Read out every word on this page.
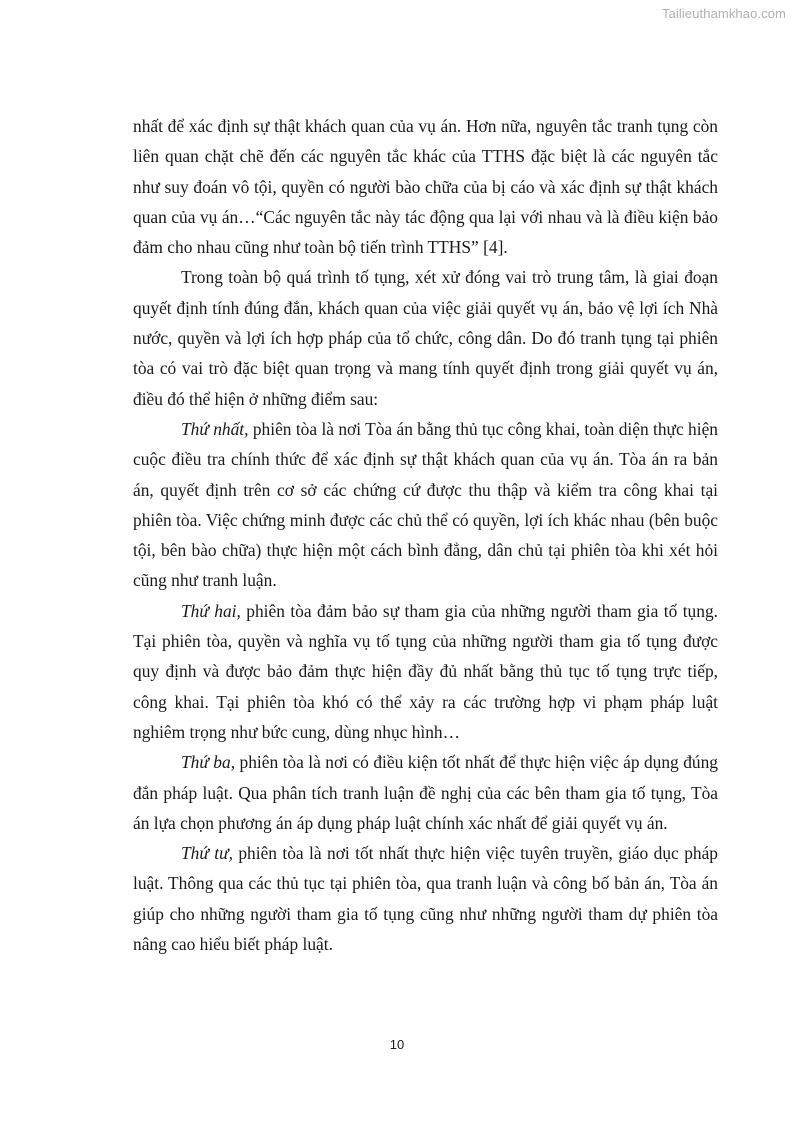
Tailieuthamkhao.com

nhất để xác định sự thật khách quan của vụ án. Hơn nữa, nguyên tắc tranh tụng còn liên quan chặt chẽ đến các nguyên tắc khác của TTHS đặc biệt là các nguyên tắc như suy đoán vô tội, quyền có người bào chữa của bị cáo và xác định sự thật khách quan của vụ án…“Các nguyên tắc này tác động qua lại với nhau và là điều kiện bảo đảm cho nhau cũng như toàn bộ tiến trình TTHS” [4].

Trong toàn bộ quá trình tố tụng, xét xử đóng vai trò trung tâm, là giai đoạn quyết định tính đúng đắn, khách quan của việc giải quyết vụ án, bảo vệ lợi ích Nhà nước, quyền và lợi ích hợp pháp của tổ chức, công dân. Do đó tranh tụng tại phiên tòa có vai trò đặc biệt quan trọng và mang tính quyết định trong giải quyết vụ án, điều đó thể hiện ở những điểm sau:

Thứ nhất, phiên tòa là nơi Tòa án bằng thủ tục công khai, toàn diện thực hiện cuộc điều tra chính thức để xác định sự thật khách quan của vụ án. Tòa án ra bản án, quyết định trên cơ sở các chứng cứ được thu thập và kiểm tra công khai tại phiên tòa. Việc chứng minh được các chủ thể có quyền, lợi ích khác nhau (bên buộc tội, bên bào chữa) thực hiện một cách bình đẳng, dân chủ tại phiên tòa khi xét hỏi cũng như tranh luận.

Thứ hai, phiên tòa đảm bảo sự tham gia của những người tham gia tố tụng. Tại phiên tòa, quyền và nghĩa vụ tố tụng của những người tham gia tố tụng được quy định và được bảo đảm thực hiện đầy đủ nhất bằng thủ tục tố tụng trực tiếp, công khai. Tại phiên tòa khó có thể xảy ra các trường hợp vi phạm pháp luật nghiêm trọng như bức cung, dùng nhục hình…

Thứ ba, phiên tòa là nơi có điều kiện tốt nhất để thực hiện việc áp dụng đúng đắn pháp luật. Qua phân tích tranh luận đề nghị của các bên tham gia tố tụng, Tòa án lựa chọn phương án áp dụng pháp luật chính xác nhất để giải quyết vụ án.

Thứ tư, phiên tòa là nơi tốt nhất thực hiện việc tuyên truyền, giáo dục pháp luật. Thông qua các thủ tục tại phiên tòa, qua tranh luận và công bố bản án, Tòa án giúp cho những người tham gia tố tụng cũng như những người tham dự phiên tòa nâng cao hiểu biết pháp luật.

10
